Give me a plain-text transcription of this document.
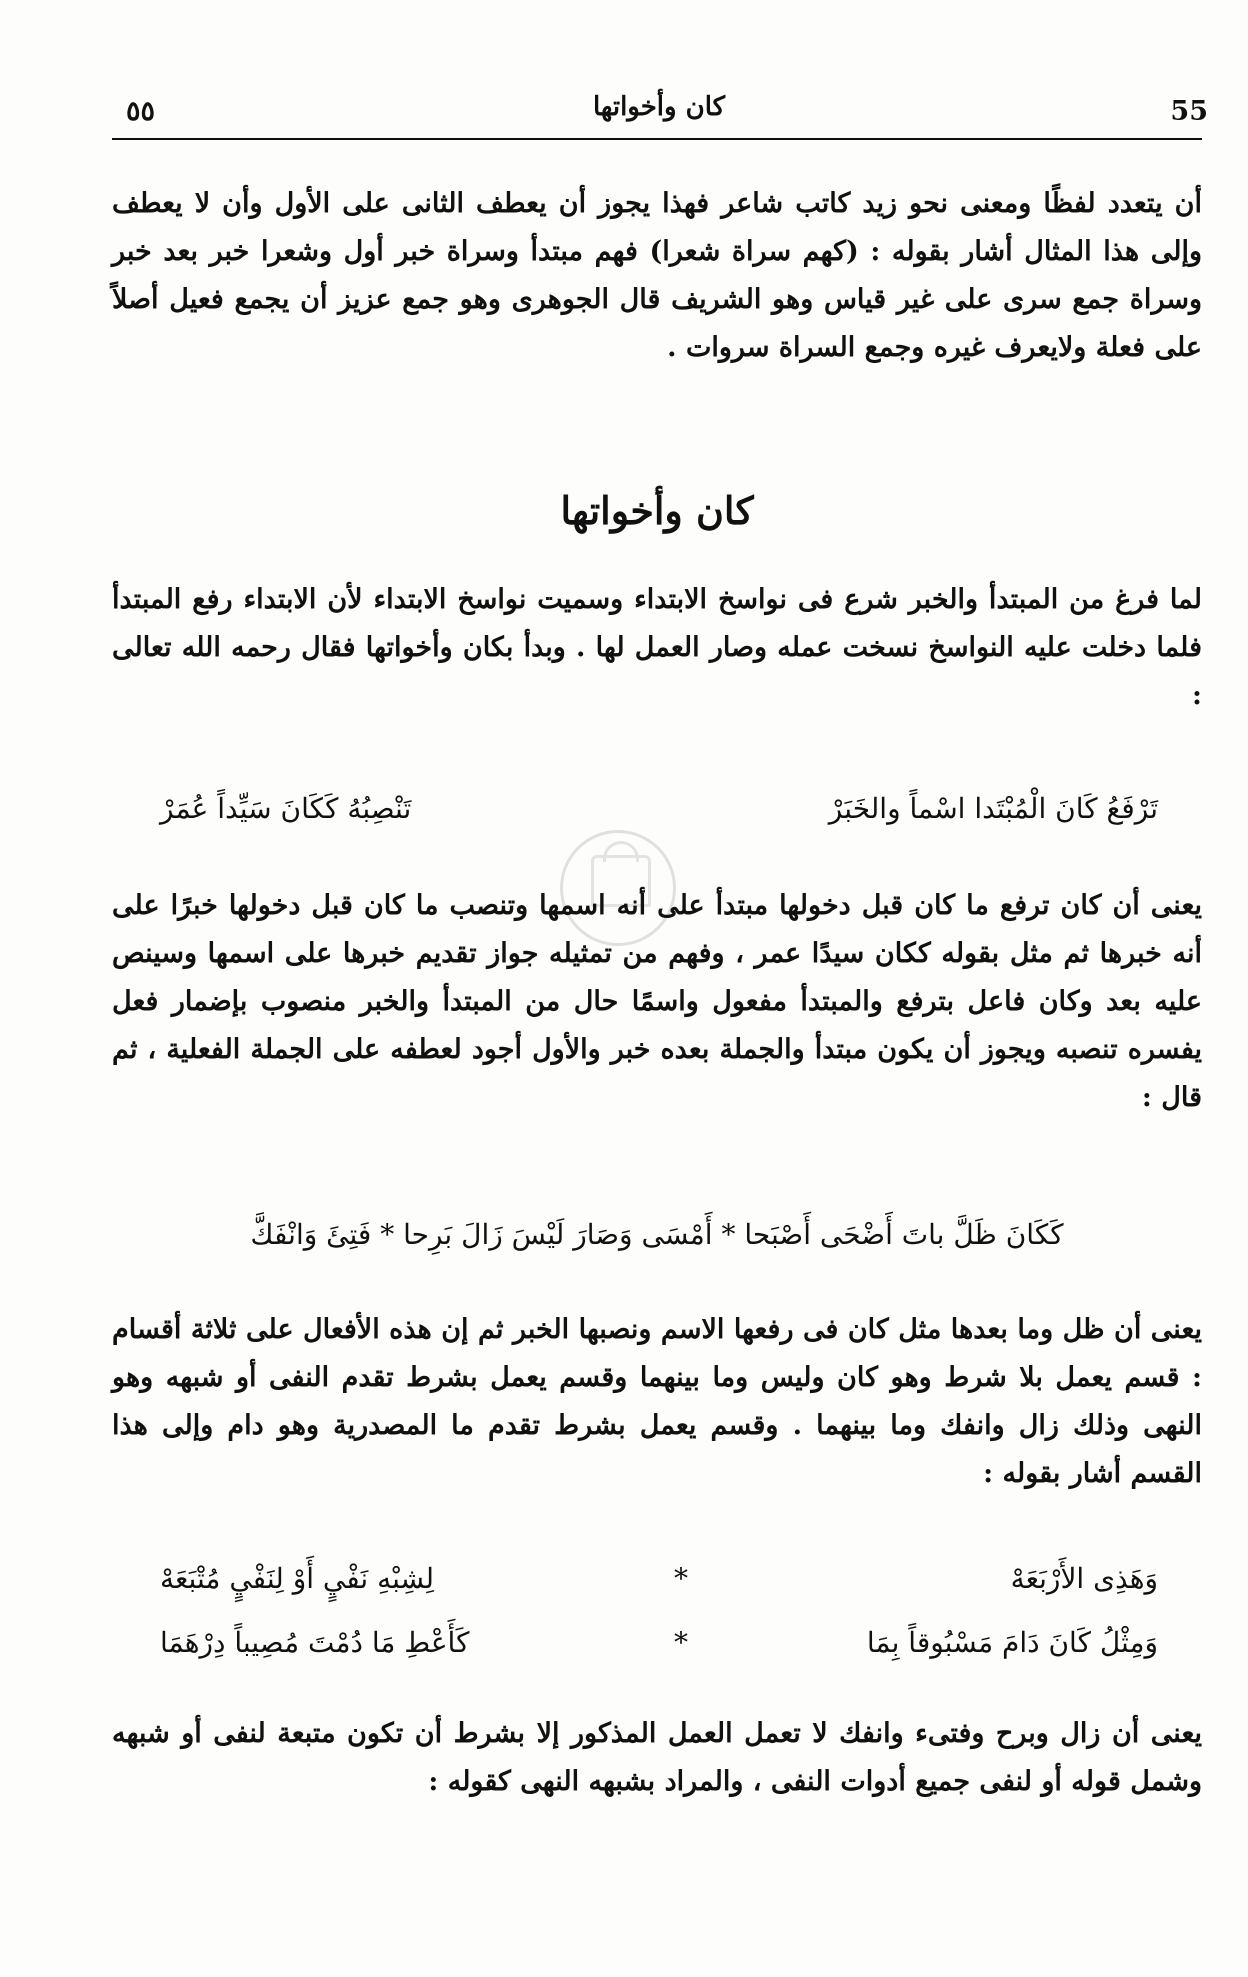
55
كان وأخواتها
٥٥

أن يتعدد لفظًا ومعنى نحو زيد كاتب شاعر فهذا يجوز أن يعطف الثانى على الأول وأن لا يعطف وإلى هذا المثال أشار بقوله : (كهم سراة شعرا) فهم مبتدأ وسراة خبر أول وشعرا خبر بعد خبر وسراة جمع سرى على غير قياس وهو الشريف قال الجوهرى وهو جمع عزيز أن يجمع فعيل أصلاً على فعلة ولايعرف غيره وجمع السراة سروات .

كان وأخواتها

لما فرغ من المبتدأ والخبر شرع فى نواسخ الابتداء وسميت نواسخ الابتداء لأن الابتداء رفع المبتدأ فلما دخلت عليه النواسخ نسخت عمله وصار العمل لها . وبدأ بكان وأخواتها فقال رحمه الله تعالى :

تَرْفَعُ كَانَ الْمُبْتَدا اسْماً والخَبَرْ
تَنْصِبُهُ كَكَانَ سَيِّداً عُمَرْ

يعنى أن كان ترفع ما كان قبل دخولها مبتدأ على أنه اسمها وتنصب ما كان قبل دخولها خبرًا على أنه خبرها ثم مثل بقوله ككان سيدًا عمر ، وفهم من تمثيله جواز تقديم خبرها على اسمها وسينص عليه بعد وكان فاعل بترفع والمبتدأ مفعول واسمًا حال من المبتدأ والخبر منصوب بإضمار فعل يفسره تنصبه ويجوز أن يكون مبتدأ والجملة بعده خبر والأول أجود لعطفه على الجملة الفعلية ، ثم قال :

كَكَانَ ظَلَّ باتَ أَضْحَى أَصْبَحا * أَمْسَى وَصَارَ لَيْسَ زَالَ بَرِحا * فَتِئَ وَانْفَكَّ

يعنى أن ظل وما بعدها مثل كان فى رفعها الاسم ونصبها الخبر ثم إن هذه الأفعال على ثلاثة أقسام : قسم يعمل بلا شرط وهو كان وليس وما بينهما وقسم يعمل بشرط تقدم النفى أو شبهه وهو النهى وذلك زال وانفك وما بينهما . وقسم يعمل بشرط تقدم ما المصدرية وهو دام وإلى هذا القسم أشار بقوله :

وَهَذِى الأَرْبَعَهْ
*
لِشِبْهِ نَفْيٍ أَوْ لِنَفْيٍ مُتْبَعَهْ
وَمِثْلُ كَانَ دَامَ مَسْبُوقاً بِمَا
*
كَأَعْطِ مَا دُمْتَ مُصِيباً دِرْهَمَا

يعنى أن زال وبرح وفتىء وانفك لا تعمل العمل المذكور إلا بشرط أن تكون متبعة لنفى أو شبهه وشمل قوله أو لنفى جميع أدوات النفى ، والمراد بشبهه النهى كقوله :
